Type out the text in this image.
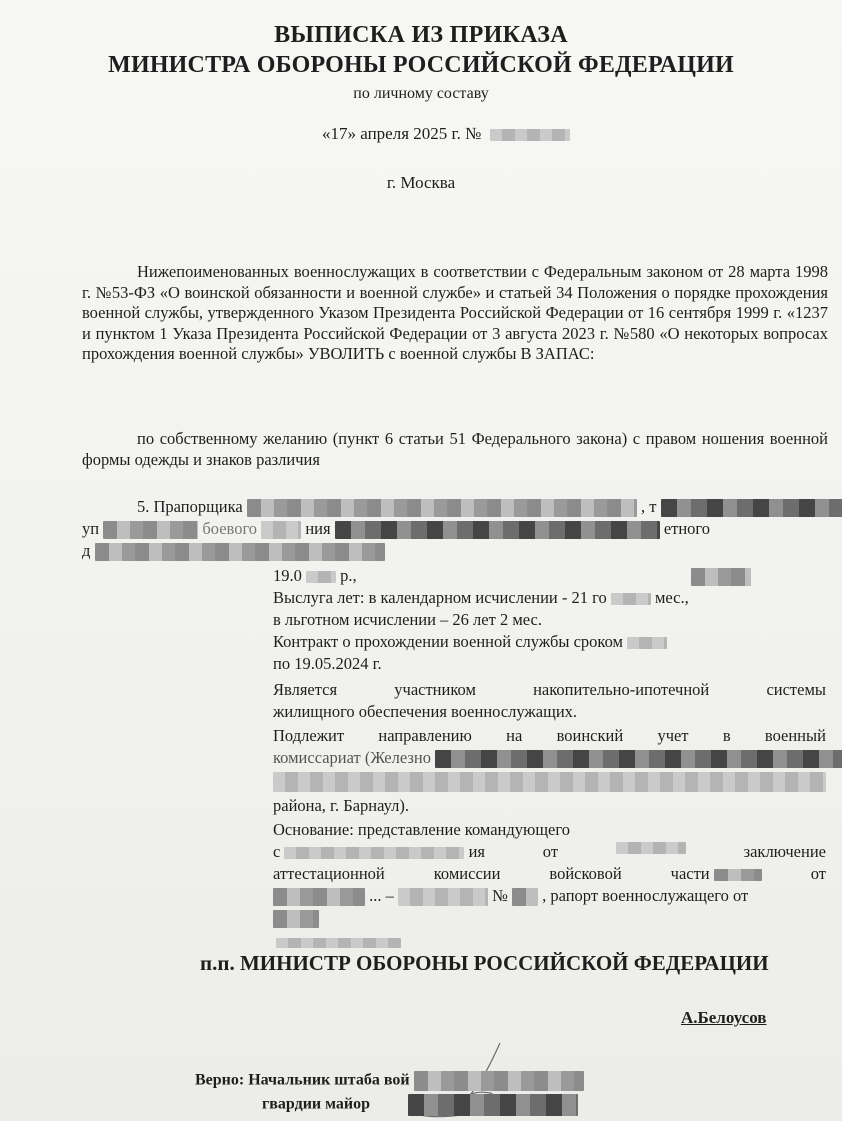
ВЫПИСКА ИЗ ПРИКАЗА
МИНИСТРА ОБОРОНЫ РОССИЙСКОЙ ФЕДЕРАЦИИ
по личному составу
«17» апреля 2025 г. №
г. Москва

Нижепоименованных военнослужащих в соответствии с Федеральным законом от 28 марта 1998 г. №53-ФЗ «О воинской обязанности и военной службе» и статьей 34 Положения о порядке прохождения военной службы, утвержденного Указом Президента Российской Федерации от 16 сентября 1999 г. «1237 и пунктом 1 Указа Президента Российской Федерации от 3 августа 2023 г. №580 «О некоторых вопросах прохождения военной службы» УВОЛИТЬ с военной службы В ЗАПАС:

по собственному желанию (пункт 6 статьи 51 Федерального закона) с правом ношения военной формы одежды и знаков различия

5. Прапорщика	, т
уп	боевого	ния	етного
д
19.0 р.,
Выслуга лет: в календарном исчислении - 21 го	мес.,
в льготном исчислении – 26 лет 2 мес.
Контракт о прохождении военной службы сроком
по 19.05.2024 г.
Является	участником	накопительно-ипотечной	системы
жилищного обеспечения военнослужащих.
Подлежит направлению на воинский учет в военный
комиссариат (Железно
района, г. Барнаул).
Основание: представление командующего
с	ия	от	заключение
аттестационной	комиссии	войсковой	части	от
... –	№ , рапорт военнослужащего от
п.п. МИНИСТР ОБОРОНЫ РОССИЙСКОЙ ФЕДЕРАЦИИ
А.Белоусов
Верно: Начальник штаба вой
гвардии майор
